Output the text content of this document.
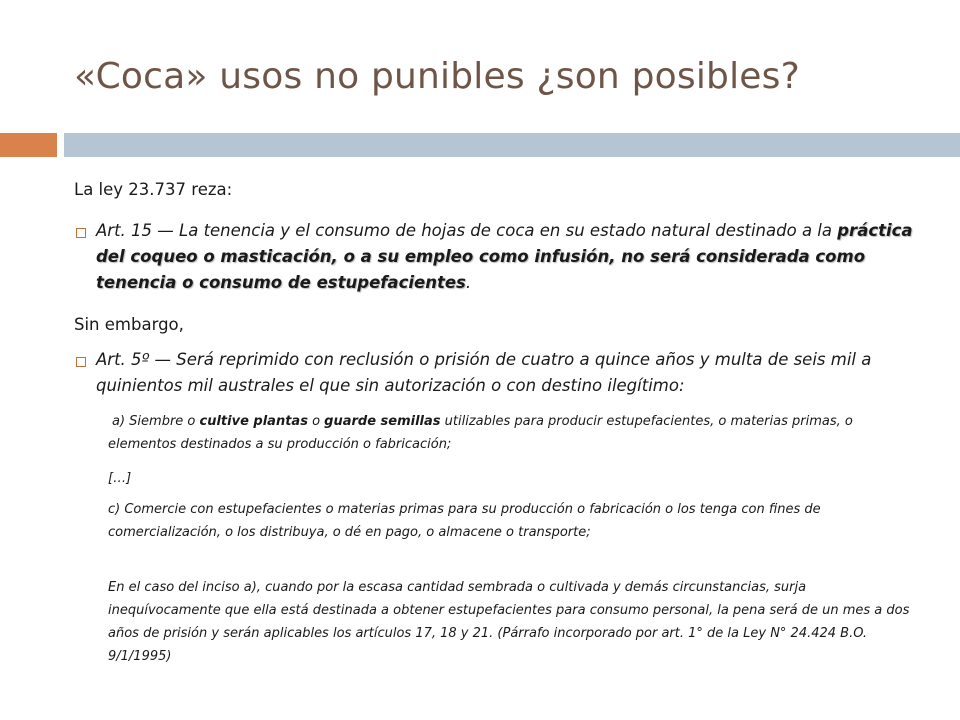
«Coca» usos no punibles ¿son posibles?
La ley 23.737 reza:
Art. 15 — La tenencia y el consumo de hojas de coca en su estado natural destinado a la práctica del coqueo o masticación, o a su empleo como infusión, no será considerada como tenencia o consumo de estupefacientes.
Sin embargo,
Art. 5º — Será reprimido con reclusión o prisión de cuatro a quince años y multa de seis mil a quinientos mil australes el que sin autorización o con destino ilegítimo:
a) Siembre o cultive plantas o guarde semillas utilizables para producir estupefacientes, o materias primas, o elementos destinados a su producción o fabricación;
[…]
c) Comercie con estupefacientes o materias primas para su producción o fabricación o los tenga con fines de comercialización, o los distribuya, o dé en pago, o almacene o transporte;
En el caso del inciso a), cuando por la escasa cantidad sembrada o cultivada y demás circunstancias, surja inequívocamente que ella está destinada a obtener estupefacientes para consumo personal, la pena será de un mes a dos años de prisión y serán aplicables los artículos 17, 18 y 21. (Párrafo incorporado por art. 1° de la Ley N° 24.424 B.O. 9/1/1995)
